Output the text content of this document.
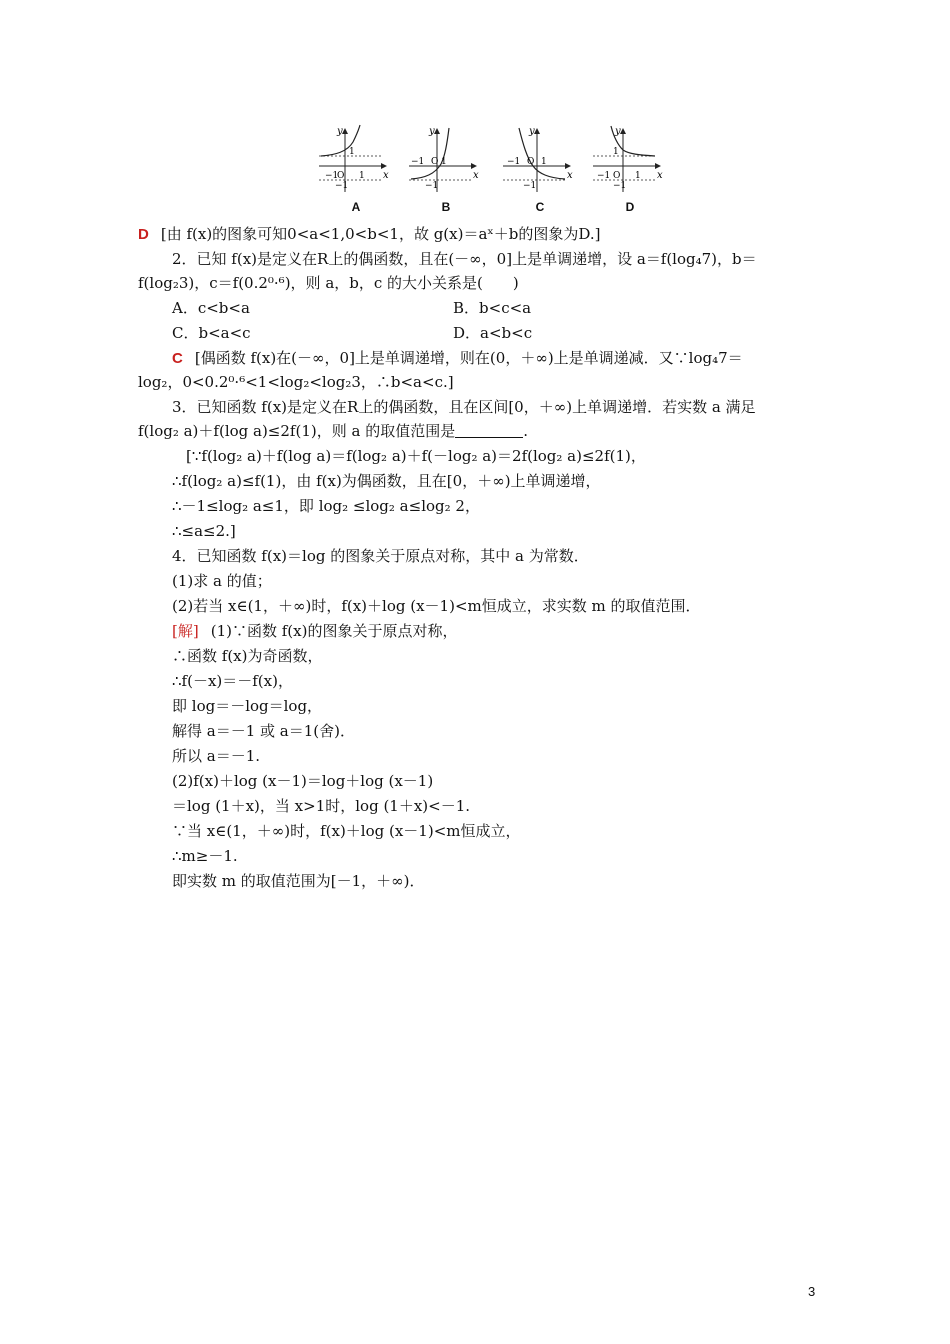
y
x
1
−1
O 1
−1
A
y
x
−1 O 1
−1
B
y
x
−1 O 1
−1
C
y
x
1
−1 O 1
−1
D
D [由 f(x)的图象可知0<a<1,0<b<1，故 g(x)＝aˣ＋b的图象为D.]
2．已知 f(x)是定义在R上的偶函数，且在(－∞，0]上是单调递增，设 a＝f(log₄7)，b＝
f(log₂3)，c＝f(0.2⁰·⁶)，则 a，b，c 的大小关系是(　　)
A．c<b<a	B．b<c<a
C．b<a<c	D．a<b<c
C [偶函数 f(x)在(－∞，0]上是单调递增，则在(0，＋∞)上是单调递减．又∵log₄7＝
log₂，0<0.2⁰·⁶<1<log₂<log₂3，∴b<a<c.]
3．已知函数 f(x)是定义在R上的偶函数，且在区间[0，＋∞)上单调递增．若实数 a 满足
f(log₂ a)＋f(log a)≤2f(1)，则 a 的取值范围是	.
[∵f(log₂ a)＋f(log a)＝f(log₂ a)＋f(－log₂ a)＝2f(log₂ a)≤2f(1)，
∴f(log₂ a)≤f(1)，由 f(x)为偶函数，且在[0，＋∞)上单调递增，
∴－1≤log₂ a≤1，即 log₂ ≤log₂ a≤log₂ 2，
∴≤a≤2.]
4．已知函数 f(x)＝log 的图象关于原点对称，其中 a 为常数．
(1)求 a 的值；
(2)若当 x∈(1，＋∞)时，f(x)＋log (x－1)<m恒成立，求实数 m 的取值范围．
[解] (1)∵函数 f(x)的图象关于原点对称，
∴函数 f(x)为奇函数，
∴f(－x)＝－f(x)，
即 log＝－log＝log，
解得 a＝－1 或 a＝1(舍)．
所以 a＝－1.
(2)f(x)＋log (x－1)＝log＋log (x－1)
＝log (1＋x)，当 x>1时，log (1＋x)<－1.
∵当 x∈(1，＋∞)时，f(x)＋log (x－1)<m恒成立，
∴m≥－1.
即实数 m 的取值范围为[－1，＋∞)．
3
